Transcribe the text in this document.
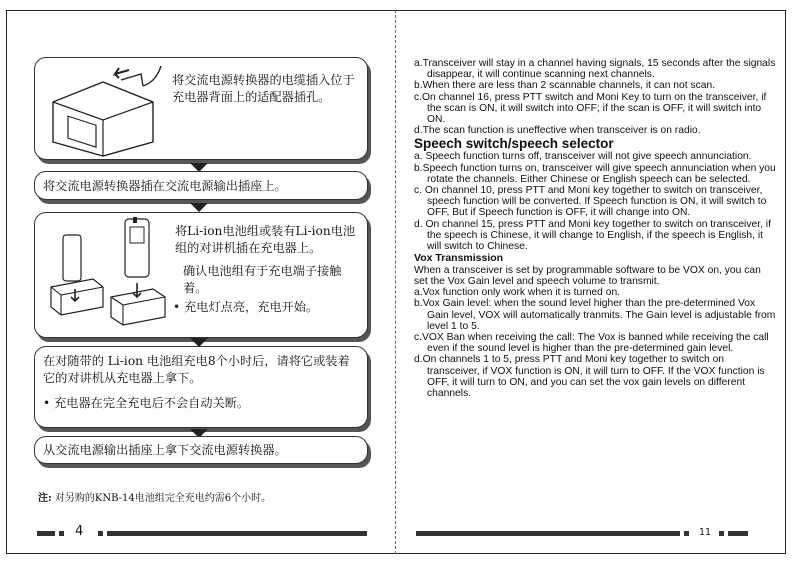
将交流电源转换器的电缆插入位于充电器背面上的适配器插孔。
将交流电源转换器插在交流电源输出插座上。
将Li-ion电池组或装有Li-ion电池组的对讲机插在充电器上。
确认电池组有于充电端子接触着。
• 充电灯点亮，充电开始。
在对随带的 Li-ion 电池组充电8个小时后，请将它或装着它的对讲机从充电器上拿下。
• 充电器在完全充电后不会自动关断。
从交流电源输出插座上拿下交流电源转换器。
注: 对另购的KNB-14电池组完全充电约需6个小时。
4

a.Transceiver will stay in a channel having signals, 15 seconds after the signals disappear, it will continue scanning next channels.

b.When there are less than 2 scannable channels, it can not scan.

c.On channel 16, press PTT switch and Moni Key to turn on the transceiver, if the scan is ON, it will switch into OFF; if the scan is OFF, it will switch into ON.

d.The scan function is uneffective when transceiver is on radio.

Speech switch/speech selector

a. Speech function turns off, transceiver will not give speech annunciation.

b.Speech function turns on, transceiver will give speech annunciation when you rotate the channels. Either Chinese or English speech can be selected.

c. On channel 10, press PTT and Moni key together to switch on transceiver, speech function will be converted. If Speech function is ON, it will switch to OFF, But if Speech function is OFF, it will change into ON.

d. On channel 15, press PTT and Moni key together to switch on transceiver, if the speech is Chinese, it will change to English, if the speech is English, it will switch to Chinese.

Vox Transmission

When a transceiver is set by programmable software to be VOX on, you can set the Vox Gain level and speech volume to transmit.

a.Vox function only work when it is turned on.

b.Vox Gain level: when the sound level higher than the pre-determined Vox Gain level, VOX will automatically tranmits. The Gain level is adjustable from level 1 to 5.

c.VOX Ban when receiving the call: The Vox is banned while receiving the call even if the sound level is higher than the pre-determined gain level.

d.On channels 1 to 5, press PTT and Moni key together to switch on transceiver, if VOX function is ON, it will turn to OFF. If the VOX function is OFF, it will turn to ON, and you can set the vox gain levels on different channels.

11
